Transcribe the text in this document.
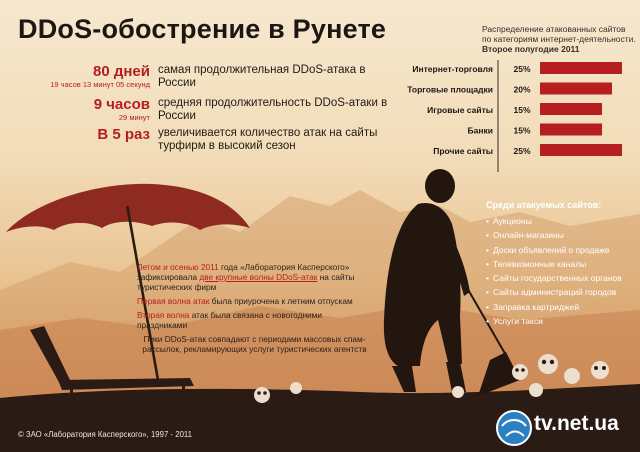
DDoS-обострение в Рунете
80 дней
19 часов 13 минут 05 секунд
самая продолжительная DDoS-атака в России
9 часов
29 минут
средняя продолжительность DDoS-атаки в России
В 5 раз увеличивается количество атак на сайты турфирм в высокий сезон
Распределение атакованных сайтов
по категориям интернет-деятельности.
Второе полугодие 2011
Интернет-торговля 25%
Торговые площадки 20%
Игровые сайты 15%
Банки 15%
Прочие сайты 25%
Среди атакуемых сайтов:
• Аукционы
• Онлайн-магазины
• Доски объявлений о продаже
• Телевизионные каналы
• Сайты государственных органов
• Сайты администраций городов
• Заправка картриджей
• Услуги такси

Летом и осенью 2011 года «Лаборатория Касперского» зафиксировала две крупные волны DDoS-атак на сайты туристических фирм

Первая волна атак была приурочена к летним отпускам

Вторая волна атак была связана с новогодними праздниками

Пики DDoS-атак совпадают с периодами массовых спам-рассылок, рекламирующих услуги туристических агентств

© ЗАО «Лаборатория Касперского», 1997 - 2011	tv.net.ua
